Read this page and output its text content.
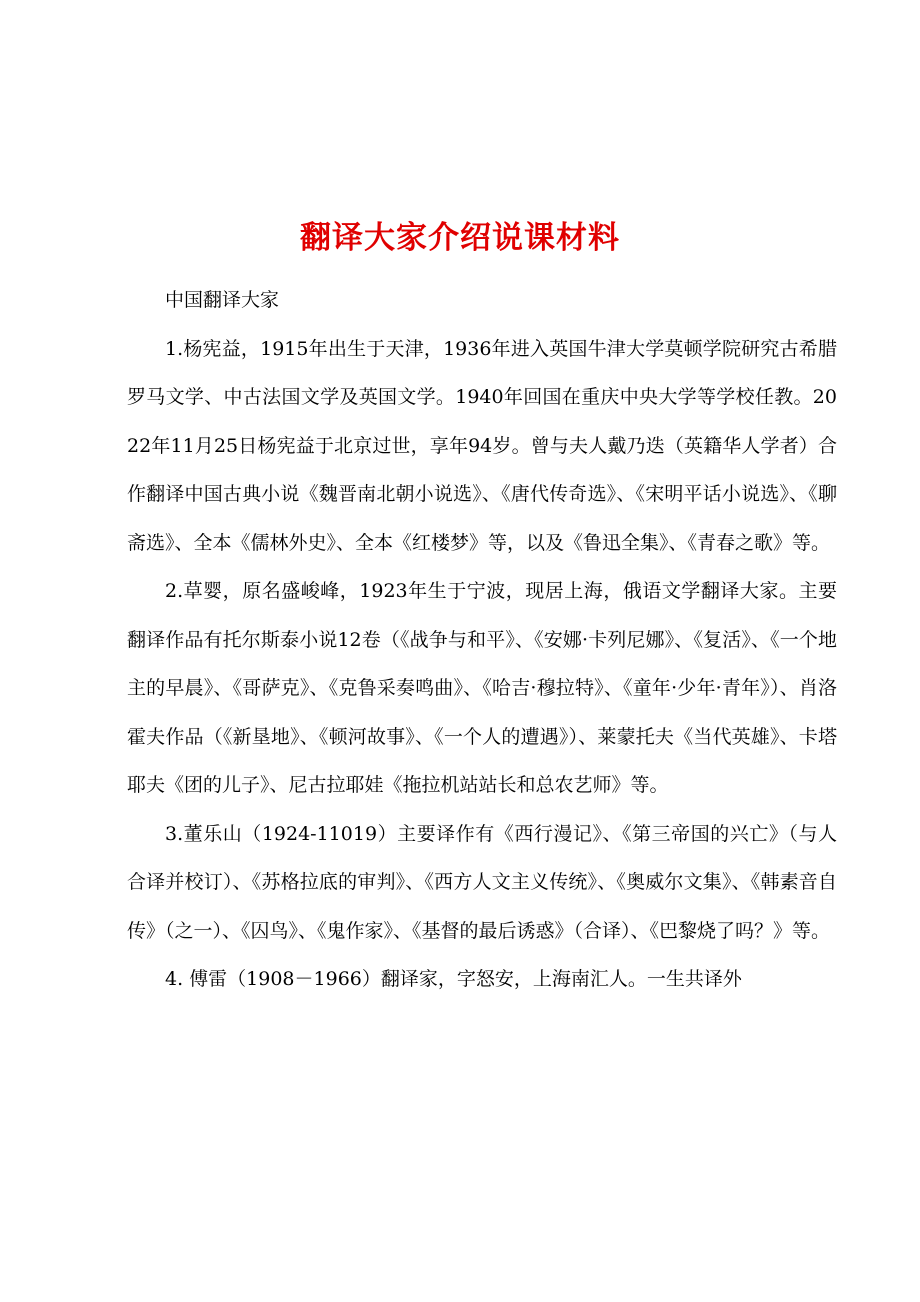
翻译大家介绍说课材料

中国翻译大家

1.杨宪益，1915年出生于天津，1936年进入英国牛津大学莫顿学院研究古希腊罗马文学、中古法国文学及英国文学。1940年回国在重庆中央大学等学校任教。2022年11月25日杨宪益于北京过世，享年94岁。曾与夫人戴乃迭（英籍华人学者）合作翻译中国古典小说《魏晋南北朝小说选》、《唐代传奇选》、《宋明平话小说选》、《聊斋选》、全本《儒林外史》、全本《红楼梦》等，以及《鲁迅全集》、《青春之歌》等。

2.草婴，原名盛峻峰，1923年生于宁波，现居上海，俄语文学翻译大家。主要翻译作品有托尔斯泰小说12卷（《战争与和平》、《安娜·卡列尼娜》、《复活》、《一个地主的早晨》、《哥萨克》、《克鲁采奏鸣曲》、《哈吉·穆拉特》、《童年·少年·青年》）、肖洛霍夫作品（《新垦地》、《顿河故事》、《一个人的遭遇》）、莱蒙托夫《当代英雄》、卡塔耶夫《团的儿子》、尼古拉耶娃《拖拉机站站长和总农艺师》等。

3.董乐山（1924-11019）主要译作有《西行漫记》、《第三帝国的兴亡》（与人合译并校订）、《苏格拉底的审判》、《西方人文主义传统》、《奥威尔文集》、《韩素音自传》（之一）、《囚鸟》、《鬼作家》、《基督的最后诱惑》（合译）、《巴黎烧了吗？》等。

4. 傅雷（1908－1966）翻译家，字怒安，上海南汇人。一生共译外
